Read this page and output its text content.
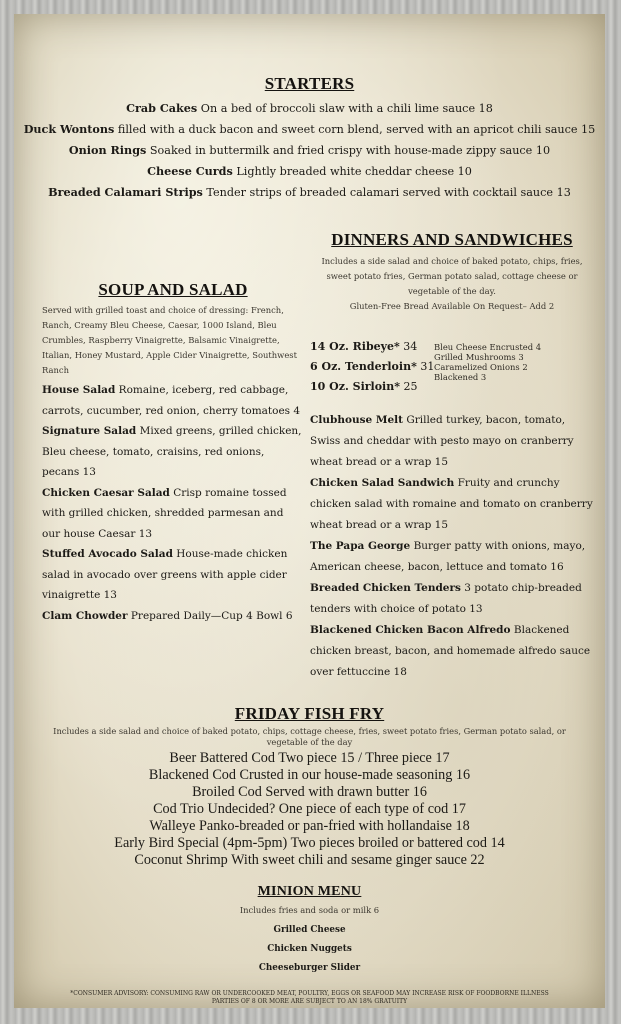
STARTERS
Crab Cakes On a bed of broccoli slaw with a chili lime sauce 18
Duck Wontons filled with a duck bacon and sweet corn blend, served with an apricot chili sauce 15
Onion Rings Soaked in buttermilk and fried crispy with house-made zippy sauce 10
Cheese Curds Lightly breaded white cheddar cheese 10
Breaded Calamari Strips Tender strips of breaded calamari served with cocktail sauce 13
DINNERS AND SANDWICHES
Includes a side salad and choice of baked potato, chips, fries, sweet potato fries, German potato salad, cottage cheese or vegetable of the day.
Gluten-Free Bread Available On Request– Add 2
14 Oz. Ribeye* 34
6 Oz. Tenderloin* 31
10 Oz. Sirloin* 25
Bleu Cheese Encrusted 4
Grilled Mushrooms 3
Caramelized Onions 2
Blackened 3
Clubhouse Melt Grilled turkey, bacon, tomato, Swiss and cheddar with pesto mayo on cranberry wheat bread or a wrap 15
Chicken Salad Sandwich Fruity and crunchy chicken salad with romaine and tomato on cranberry wheat bread or a wrap 15
The Papa George Burger patty with onions, mayo, American cheese, bacon, lettuce and tomato 16
Breaded Chicken Tenders 3 potato chip-breaded tenders with choice of potato 13
Blackened Chicken Bacon Alfredo Blackened chicken breast, bacon, and homemade alfredo sauce over fettuccine 18
SOUP AND SALAD
Served with grilled toast and choice of dressing: French, Ranch, Creamy Bleu Cheese, Caesar, 1000 Island, Bleu Crumbles, Raspberry Vinaigrette, Balsamic Vinaigrette, Italian, Honey Mustard, Apple Cider Vinaigrette, Southwest Ranch
House Salad Romaine, iceberg, red cabbage, carrots, cucumber, red onion, cherry tomatoes 4
Signature Salad Mixed greens, grilled chicken, Bleu cheese, tomato, craisins, red onions, pecans 13
Chicken Caesar Salad Crisp romaine tossed with grilled chicken, shredded parmesan and our house Caesar 13
Stuffed Avocado Salad House-made chicken salad in avocado over greens with apple cider vinaigrette 13
Clam Chowder Prepared Daily—Cup 4 Bowl 6
FRIDAY FISH FRY
Includes a side salad and choice of baked potato, chips, cottage cheese, fries, sweet potato fries, German potato salad, or vegetable of the day
Beer Battered Cod Two piece 15 / Three piece 17
Blackened Cod Crusted in our house-made seasoning 16
Broiled Cod Served with drawn butter 16
Cod Trio Undecided? One piece of each type of cod 17
Walleye Panko-breaded or pan-fried with hollandaise 18
Early Bird Special (4pm-5pm) Two pieces broiled or battered cod 14
Coconut Shrimp With sweet chili and sesame ginger sauce 22
MINION MENU
Includes fries and soda or milk 6
Grilled Cheese
Chicken Nuggets
Cheeseburger Slider
*CONSUMER ADVISORY: CONSUMING RAW OR UNDERCOOKED MEAT, POULTRY, EGGS OR SEAFOOD MAY INCREASE RISK OF FOODBORNE ILLNESS
PARTIES OF 8 OR MORE ARE SUBJECT TO AN 18% GRATUITY
